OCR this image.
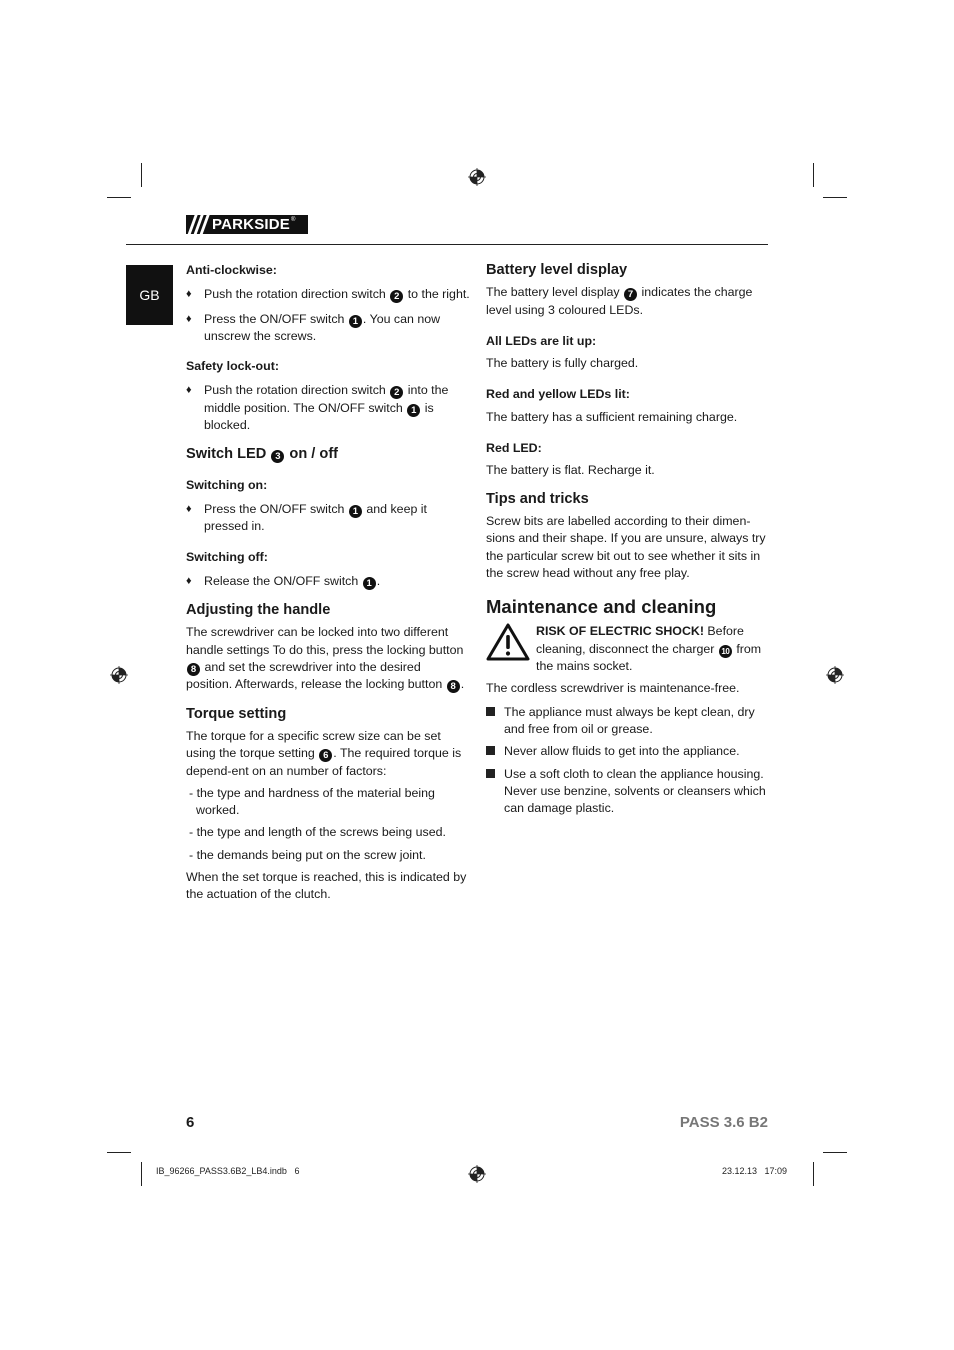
PARKSIDE ®
GB

Anti-clockwise:

♦ Push the rotation direction switch 2 to the right.
♦ Press the ON/OFF switch 1 . You can now unscrew the screws.

Safety lock-out:

♦ Push the rotation direction switch 2 into the middle position. The ON/OFF switch 1 is blocked.

Switch LED 3 on / off

Switching on:

♦ Press the ON/OFF switch 1 and keep it pressed in.

Switching off:

♦ Release the ON/OFF switch 1 .

Adjusting the handle

The screwdriver can be locked into two different handle settings To do this, press the locking button 8 and set the screwdriver into the desired position. Afterwards, release the locking button 8 .

Torque setting

The torque for a specific screw size can be set using the torque setting 6 . The required torque is depend-ent on an number of factors:

- the type and hardness of the material being worked.

- the type and length of the screws being used.

- the demands being put on the screw joint.

When the set torque is reached, this is indicated by the actuation of the clutch.

Battery level display

The battery level display 7 indicates the charge level using 3 coloured LEDs.

All LEDs are lit up:

The battery is fully charged.

Red and yellow LEDs lit:

The battery has a sufficient remaining charge.

Red LED:

The battery is flat. Recharge it.

Tips and tricks

Screw bits are labelled according to their dimen-sions and their shape. If you are unsure, always try the particular screw bit out to see whether it sits in the screw head without any free play.

Maintenance and cleaning

RISK OF ELECTRIC SHOCK! Before cleaning, disconnect the charger 10 from the mains socket.

The cordless screwdriver is maintenance-free.

The appliance must always be kept clean, dry and free from oil or grease.
Never allow fluids to get into the appliance.
Use a soft cloth to clean the appliance housing. Never use benzine, solvents or cleansers which can damage plastic.
6	PASS 3.6 B2
IB_96266_PASS3.6B2_LB4.indb   6	23.12.13   17:09
